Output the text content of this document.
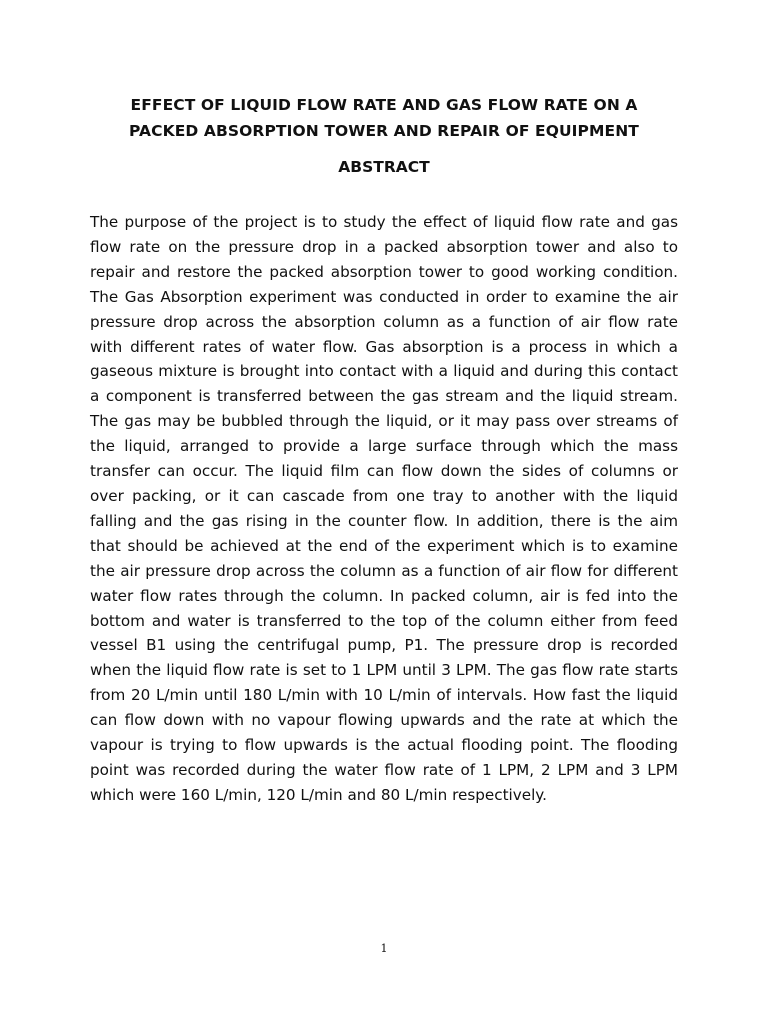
EFFECT OF LIQUID FLOW RATE AND GAS FLOW RATE ON A
PACKED ABSORPTION TOWER AND REPAIR OF EQUIPMENT
ABSTRACT

The purpose of the project is to study the effect of liquid flow rate and gas flow rate on the pressure drop in a packed absorption tower and also to repair and restore the packed absorption tower to good working condition. The Gas Absorption experiment was conducted in order to examine the air pressure drop across the absorption column as a function of air flow rate with different rates of water flow. Gas absorption is a process in which a gaseous mixture is brought into contact with a liquid and during this contact a component is transferred between the gas stream and the liquid stream. The gas may be bubbled through the liquid, or it may pass over streams of the liquid, arranged to provide a large surface through which the mass transfer can occur. The liquid film can flow down the sides of columns or over packing, or it can cascade from one tray to another with the liquid falling and the gas rising in the counter flow. In addition, there is the aim that should be achieved at the end of the experiment which is to examine the air pressure drop across the column as a function of air flow for different water flow rates through the column. In packed column, air is fed into the bottom and water is transferred to the top of the column either from feed vessel B1 using the centrifugal pump, P1. The pressure drop is recorded when the liquid flow rate is set to 1 LPM until 3 LPM. The gas flow rate starts from 20 L/min until 180 L/min with 10 L/min of intervals. How fast the liquid can flow down with no vapour flowing upwards and the rate at which the vapour is trying to flow upwards is the actual flooding point. The flooding point was recorded during the water flow rate of 1 LPM, 2 LPM and 3 LPM which were 160 L/min, 120 L/min and 80 L/min respectively.

1
